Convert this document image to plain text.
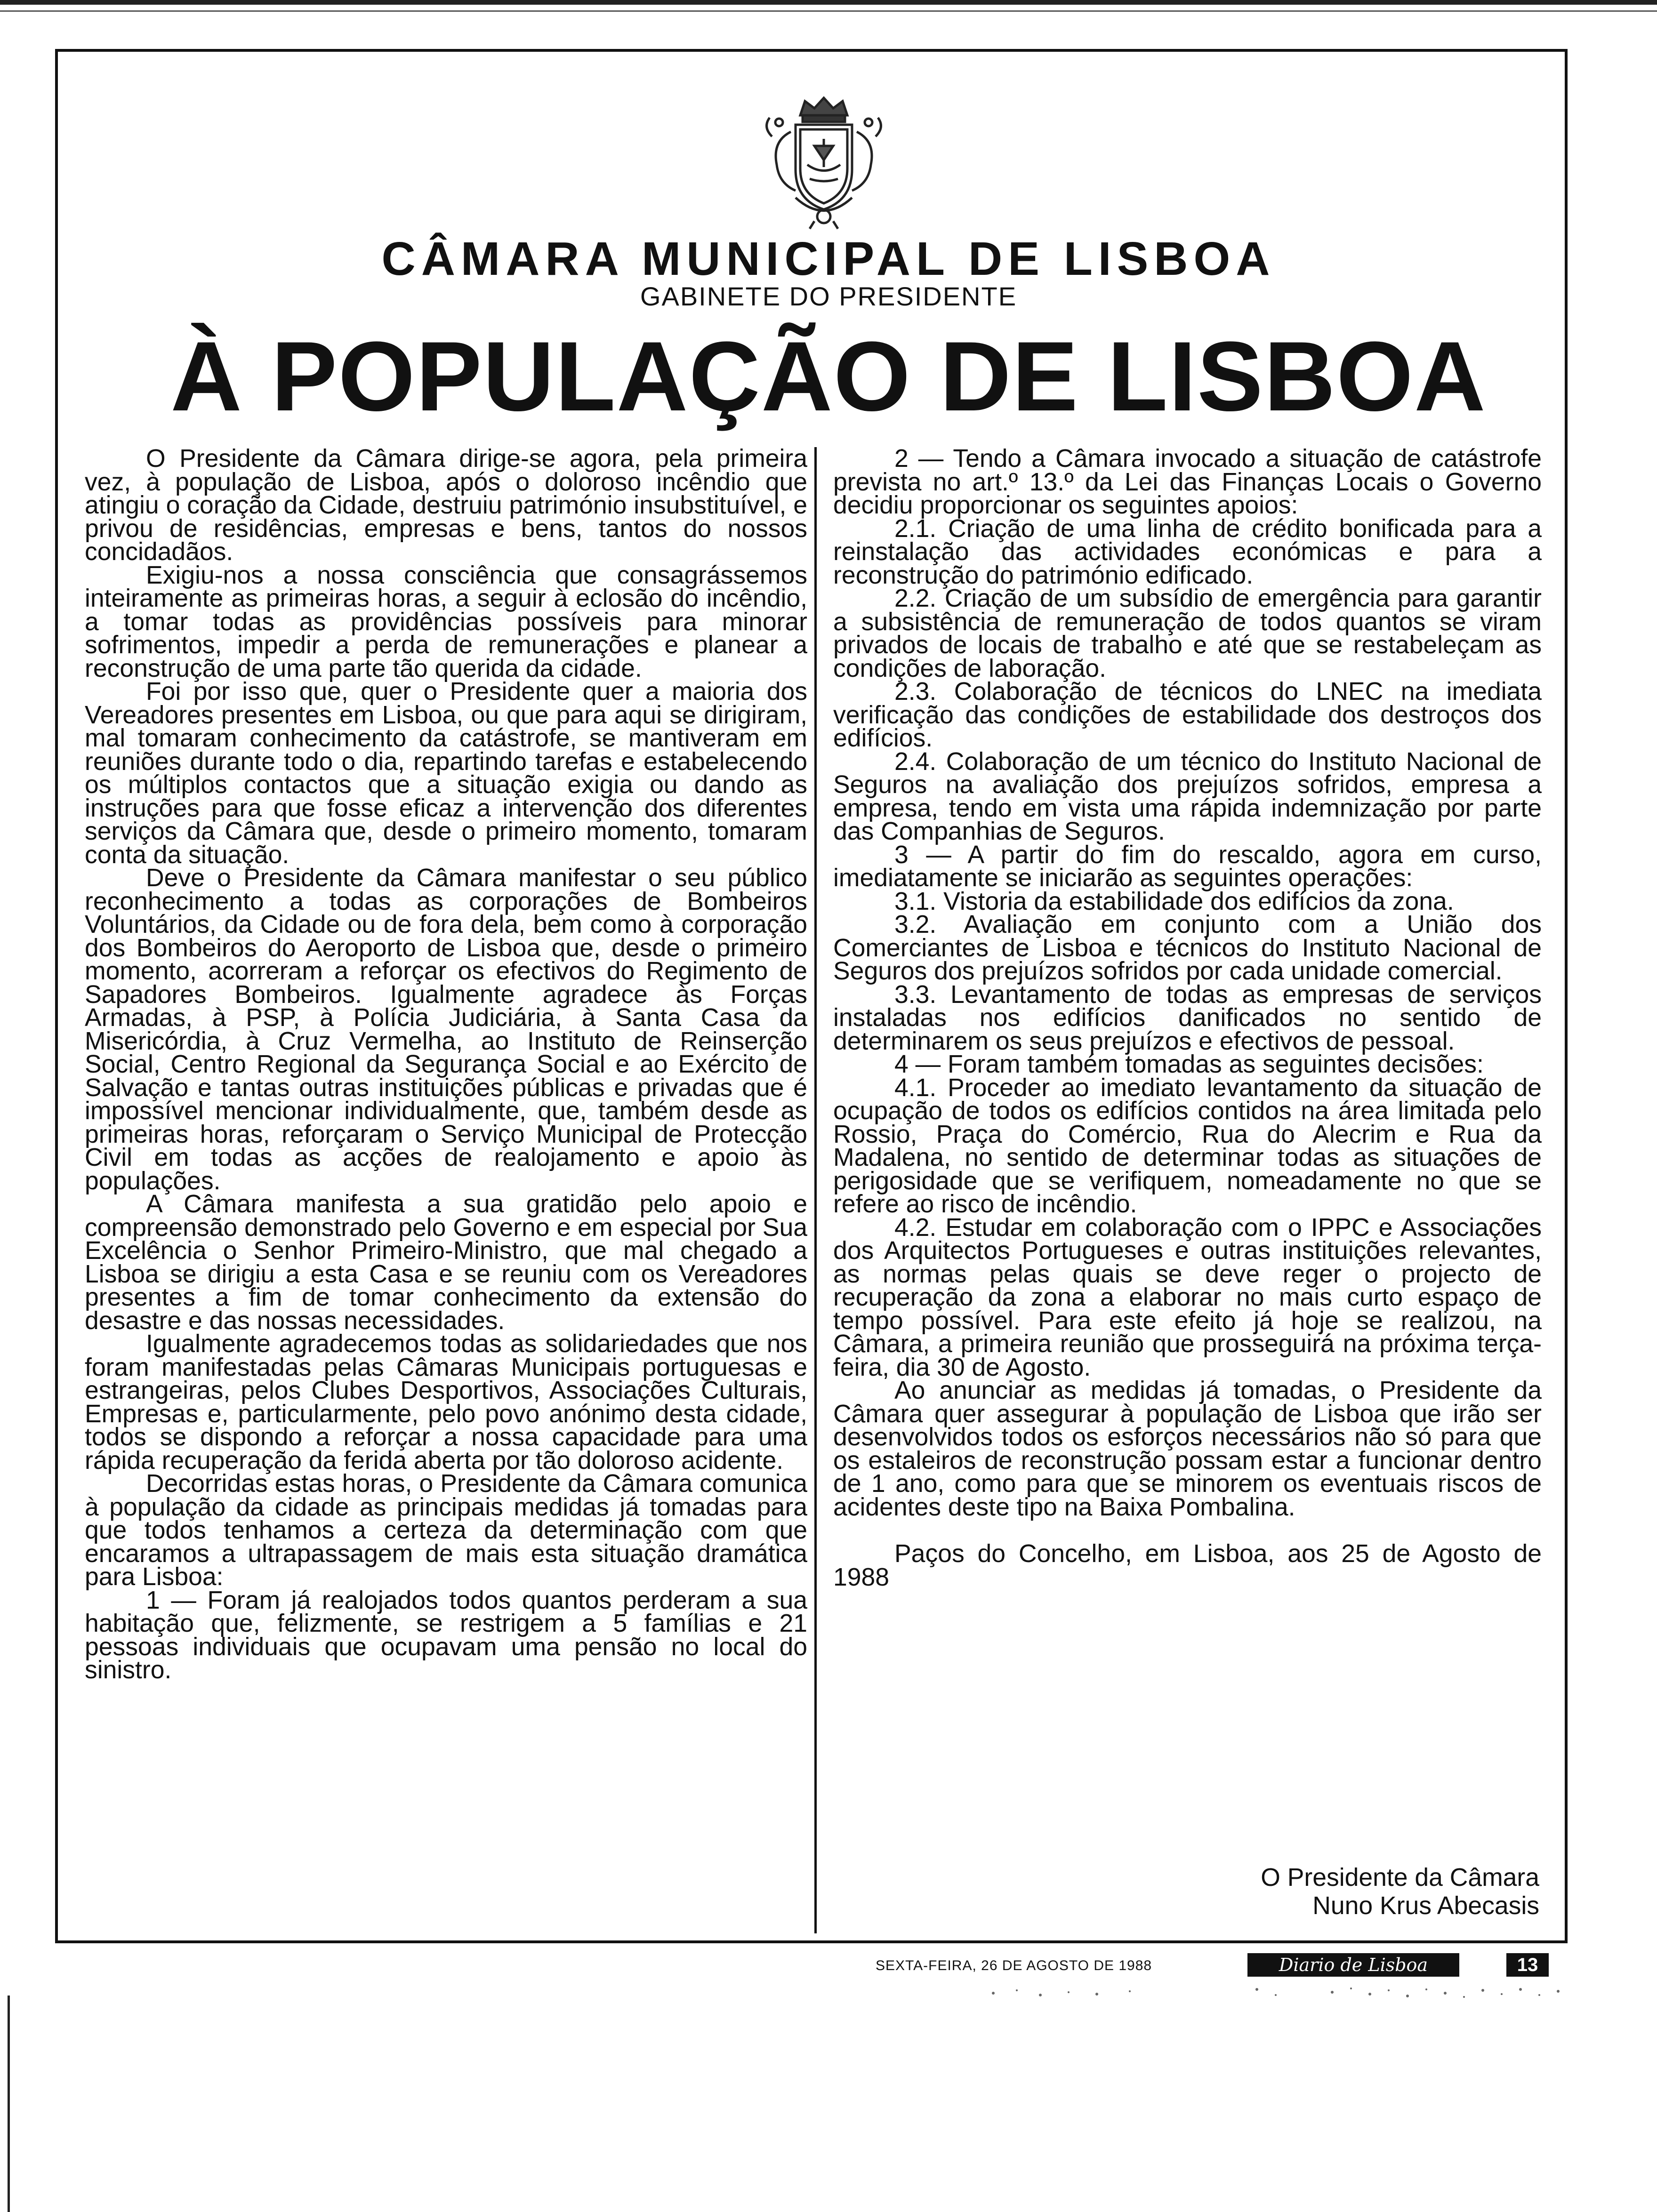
CÂMARA MUNICIPAL DE LISBOA
GABINETE DO PRESIDENTE
À POPULAÇÃO DE LISBOA

O Presidente da Câmara dirige-se agora, pela primeira vez, à população de Lisboa, após o doloroso incêndio que atingiu o coração da Cidade, destruiu património insubstituível, e privou de residências, empresas e bens, tantos do nossos concidadãos.

Exigiu-nos a nossa consciência que consagrássemos inteiramente as primeiras horas, a seguir à eclosão do incêndio, a tomar todas as providências possíveis para minorar sofrimentos, impedir a perda de remunerações e planear a reconstrução de uma parte tão querida da cidade.

Foi por isso que, quer o Presidente quer a maioria dos Vereadores presentes em Lisboa, ou que para aqui se dirigiram, mal tomaram conhecimento da catástrofe, se mantiveram em reuniões durante todo o dia, repartindo tarefas e estabelecendo os múltiplos contactos que a situação exigia ou dando as instruções para que fosse eficaz a intervenção dos diferentes serviços da Câmara que, desde o primeiro momento, tomaram conta da situação.

Deve o Presidente da Câmara manifestar o seu público reconhecimento a todas as corporações de Bombeiros Voluntários, da Cidade ou de fora dela, bem como à corporação dos Bombeiros do Aeroporto de Lisboa que, desde o primeiro momento, acorreram a reforçar os efectivos do Regimento de Sapadores Bombeiros. Igualmente agradece às Forças Armadas, à PSP, à Polícia Judiciária, à Santa Casa da Misericórdia, à Cruz Vermelha, ao Instituto de Reinserção Social, Centro Regional da Segurança Social e ao Exército de Salvação e tantas outras instituições públicas e privadas que é impossível mencionar individualmente, que, também desde as primeiras horas, reforçaram o Serviço Municipal de Protecção Civil em todas as acções de realojamento e apoio às populações.

A Câmara manifesta a sua gratidão pelo apoio e compreensão demonstrado pelo Governo e em especial por Sua Excelência o Senhor Primeiro-Ministro, que mal chegado a Lisboa se dirigiu a esta Casa e se reuniu com os Vereadores presentes a fim de tomar conhecimento da extensão do desastre e das nossas necessidades.

Igualmente agradecemos todas as solidariedades que nos foram manifestadas pelas Câmaras Municipais portuguesas e estrangeiras, pelos Clubes Desportivos, Associações Culturais, Empresas e, particularmente, pelo povo anónimo desta cidade, todos se dispondo a reforçar a nossa capacidade para uma rápida recuperação da ferida aberta por tão doloroso acidente.

Decorridas estas horas, o Presidente da Câmara comunica à população da cidade as principais medidas já tomadas para que todos tenhamos a certeza da determinação com que encaramos a ultrapassagem de mais esta situação dramática para Lisboa:

1 — Foram já realojados todos quantos perderam a sua habitação que, felizmente, se restrigem a 5 famílias e 21 pessoas individuais que ocupavam uma pensão no local do sinistro.

2 — Tendo a Câmara invocado a situação de catástrofe prevista no art.º 13.º da Lei das Finanças Locais o Governo decidiu proporcionar os seguintes apoios:

2.1. Criação de uma linha de crédito bonificada para a reinstalação das actividades económicas e para a reconstrução do património edificado.

2.2. Criação de um subsídio de emergência para garantir a subsistência de remuneração de todos quantos se viram privados de locais de trabalho e até que se restabeleçam as condições de laboração.

2.3. Colaboração de técnicos do LNEC na imediata verificação das condições de estabilidade dos destroços dos edifícios.

2.4. Colaboração de um técnico do Instituto Nacional de Seguros na avaliação dos prejuízos sofridos, empresa a empresa, tendo em vista uma rápida indemnização por parte das Companhias de Seguros.

3 — A partir do fim do rescaldo, agora em curso, imediatamente se iniciarão as seguintes operações:

3.1. Vistoria da estabilidade dos edifícios da zona.

3.2. Avaliação em conjunto com a União dos Comerciantes de Lisboa e técnicos do Instituto Nacional de Seguros dos prejuízos sofridos por cada unidade comercial.

3.3. Levantamento de todas as empresas de serviços instaladas nos edifícios danificados no sentido de determinarem os seus prejuízos e efectivos de pessoal.

4 — Foram também tomadas as seguintes decisões:

4.1. Proceder ao imediato levantamento da situação de ocupação de todos os edifícios contidos na área limitada pelo Rossio, Praça do Comércio, Rua do Alecrim e Rua da Madalena, no sentido de determinar todas as situações de perigosidade que se verifiquem, nomeadamente no que se refere ao risco de incêndio.

4.2. Estudar em colaboração com o IPPC e Associações dos Arquitectos Portugueses e outras instituições relevantes, as normas pelas quais se deve reger o projecto de recuperação da zona a elaborar no mais curto espaço de tempo possível. Para este efeito já hoje se realizou, na Câmara, a primeira reunião que prosseguirá na próxima terça-feira, dia 30 de Agosto.

Ao anunciar as medidas já tomadas, o Presidente da Câmara quer assegurar à população de Lisboa que irão ser desenvolvidos todos os esforços necessários não só para que os estaleiros de reconstrução possam estar a funcionar dentro de 1 ano, como para que se minorem os eventuais riscos de acidentes deste tipo na Baixa Pombalina.

Paços do Concelho, em Lisboa, aos 25 de Agosto de 1988

O Presidente da Câmara
Nuno Krus Abecasis
SEXTA-FEIRA, 26 DE AGOSTO DE 1988	Diario de Lisboa	13
